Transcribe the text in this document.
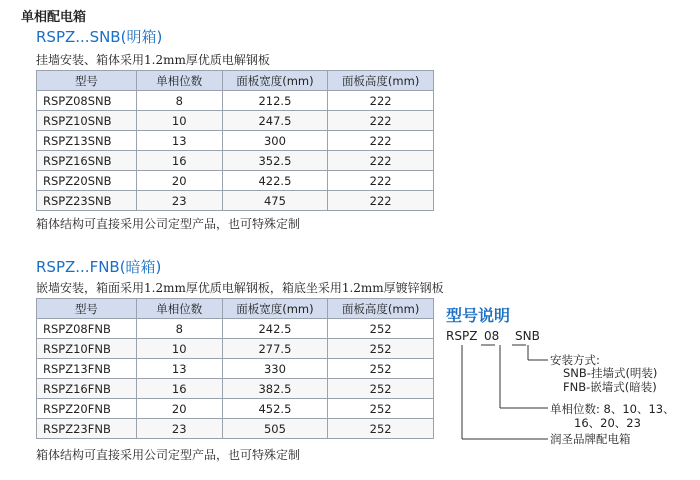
单相配电箱
RSPZ...SNB(明箱)
挂墙安装、箱体采用1.2mm厚优质电解钢板
型号	单相位数	面板宽度(mm)	面板高度(mm)
RSPZ08SNB	8	212.5	222
RSPZ10SNB	10	247.5	222
RSPZ13SNB	13	300	222
RSPZ16SNB	16	352.5	222
RSPZ20SNB	20	422.5	222
RSPZ23SNB	23	475	222
箱体结构可直接采用公司定型产品，也可特殊定制
RSPZ...FNB(暗箱)
嵌墙安装，箱面采用1.2mm厚优质电解钢板，箱底坐采用1.2mm厚镀锌钢板
型号	单相位数	面板宽度(mm)	面板高度(mm)
RSPZ08FNB	8	242.5	252
RSPZ10FNB	10	277.5	252
RSPZ13FNB	13	330	252
RSPZ16FNB	16	382.5	252
RSPZ20FNB	20	452.5	252
RSPZ23FNB	23	505	252
箱体结构可直接采用公司定型产品，也可特殊定制
型号说明
RSPZ 08 SNB
安装方式:
SNB-挂墙式(明装)
FNB-嵌墙式(暗装)
单相位数: 8、10、13、
16、20、23
润圣品牌配电箱
